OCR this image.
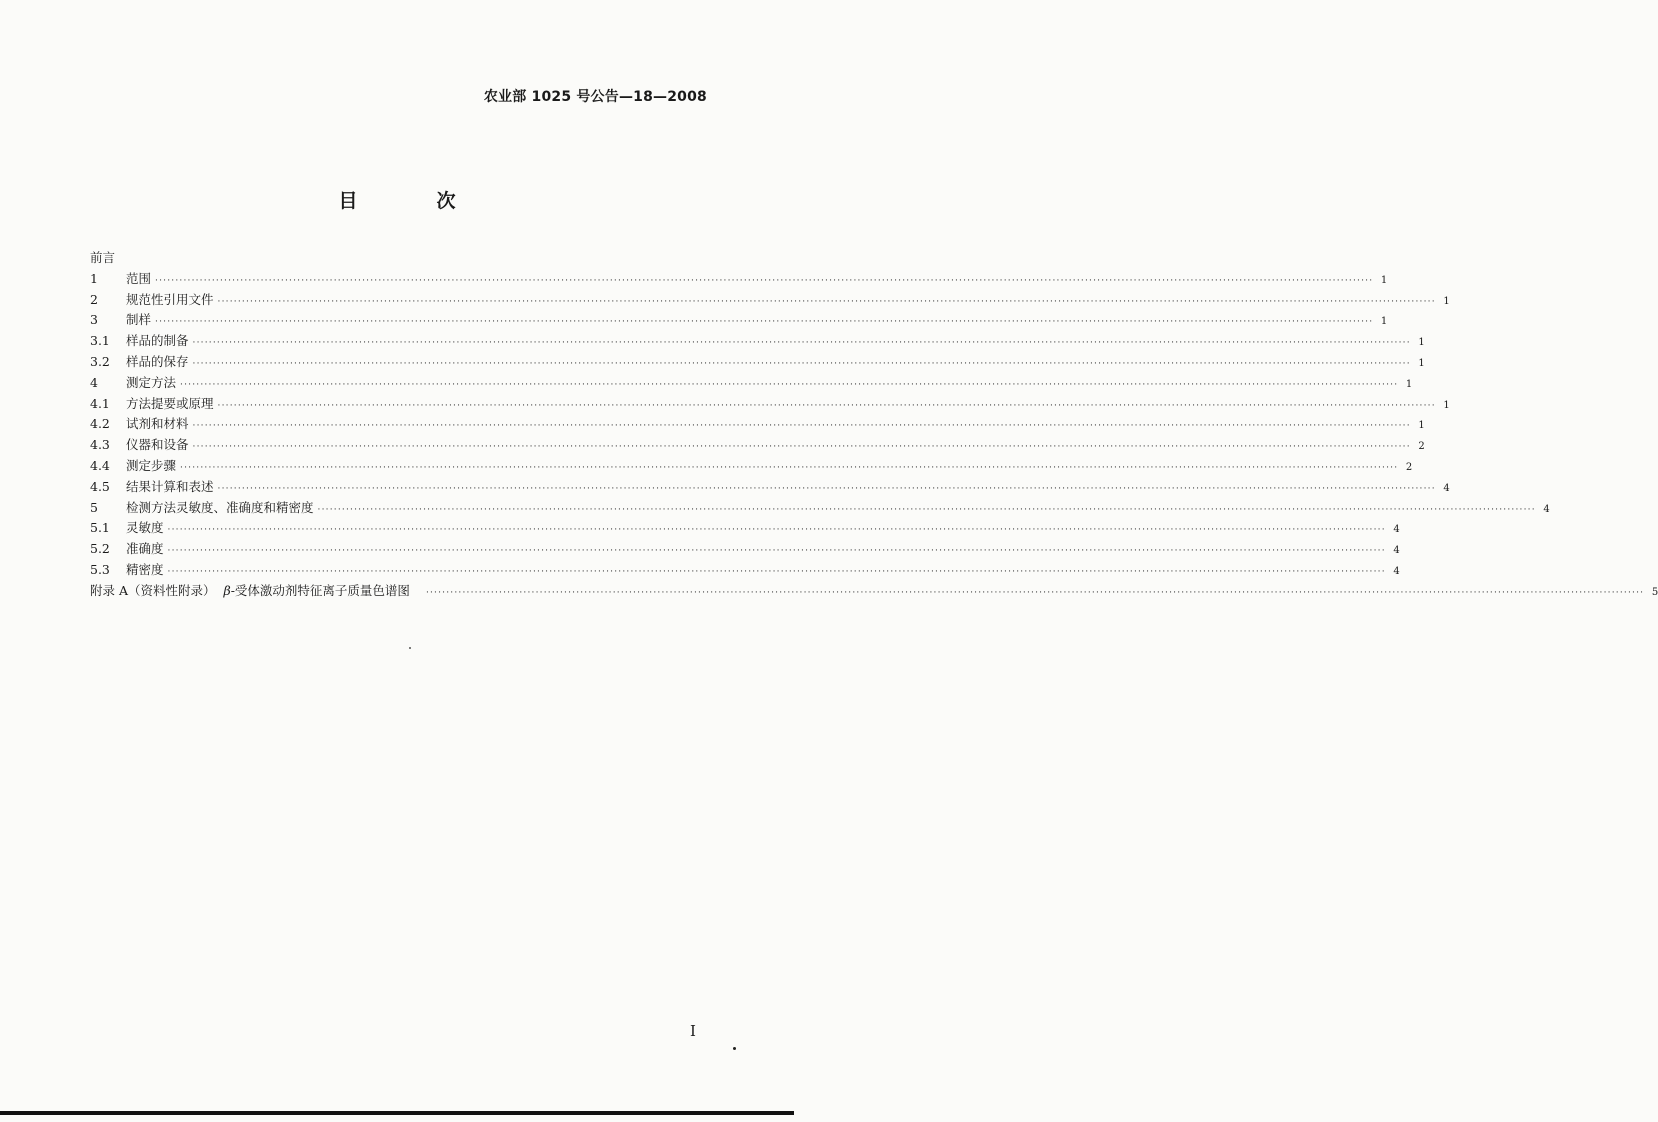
农业部 1025 号公告—18—2008
目　次
前言
1	范围 ············································································································································································································································································································ 1
2	规范性引用文件 ············································································································································································································································································································ 1
3	制样 ············································································································································································································································································································ 1
3.1	样品的制备 ············································································································································································································································································································ 1
3.2	样品的保存 ············································································································································································································································································································ 1
4	测定方法 ············································································································································································································································································································ 1
4.1	方法提要或原理 ············································································································································································································································································································ 1
4.2	试剂和材料 ············································································································································································································································································································ 1
4.3	仪器和设备 ············································································································································································································································································································ 2
4.4	测定步骤 ············································································································································································································································································································ 2
4.5	结果计算和表述 ············································································································································································································································································································ 4
5	检测方法灵敏度、准确度和精密度 ············································································································································································································································································································ 4
5.1	灵敏度 ············································································································································································································································································································ 4
5.2	准确度 ············································································································································································································································································································ 4
5.3	精密度 ············································································································································································································································································································ 4
附录 A（资料性附录） β-受体激动剂特征离子质量色谱图	············································································································································································································································································································ 5
I
